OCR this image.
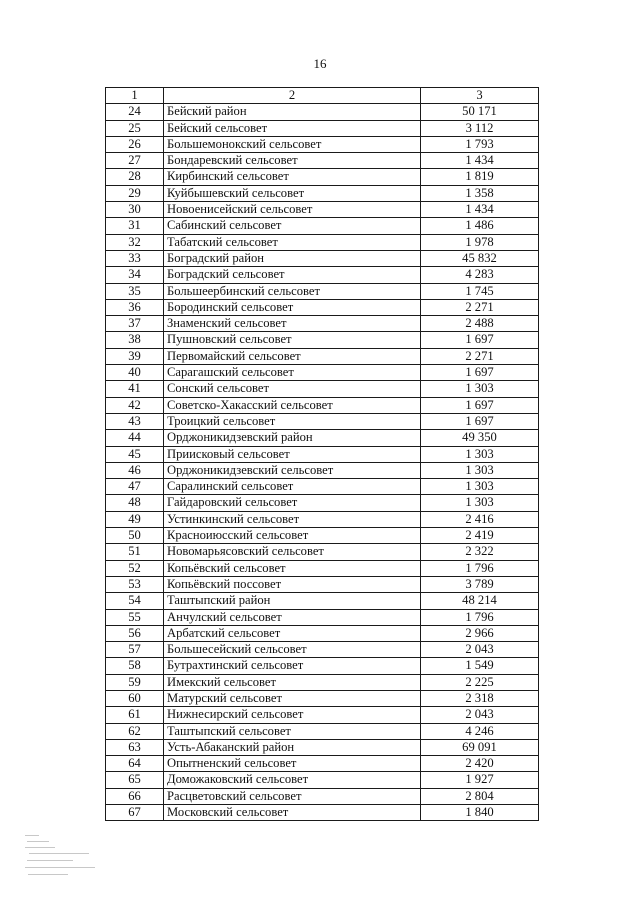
16
1	2	3
24	Бейский район	50 171
25	Бейский сельсовет	3 112
26	Большемонокский сельсовет	1 793
27	Бондаревский сельсовет	1 434
28	Кирбинский сельсовет	1 819
29	Куйбышевский сельсовет	1 358
30	Новоенисейский сельсовет	1 434
31	Сабинский сельсовет	1 486
32	Табатский сельсовет	1 978
33	Боградский район	45 832
34	Боградский сельсовет	4 283
35	Большеербинский сельсовет	1 745
36	Бородинский сельсовет	2 271
37	Знаменский сельсовет	2 488
38	Пушновский сельсовет	1 697
39	Первомайский сельсовет	2 271
40	Сарагашский сельсовет	1 697
41	Сонский сельсовет	1 303
42	Советско-Хакасский сельсовет	1 697
43	Троицкий сельсовет	1 697
44	Орджоникидзевский район	49 350
45	Приисковый сельсовет	1 303
46	Орджоникидзевский сельсовет	1 303
47	Саралинский сельсовет	1 303
48	Гайдаровский сельсовет	1 303
49	Устинкинский сельсовет	2 416
50	Красноиюсский сельсовет	2 419
51	Новомарьясовский сельсовет	2 322
52	Копьёвский сельсовет	1 796
53	Копьёвский поссовет	3 789
54	Таштыпский район	48 214
55	Анчулский сельсовет	1 796
56	Арбатский сельсовет	2 966
57	Большесейский сельсовет	2 043
58	Бутрахтинский сельсовет	1 549
59	Имекский сельсовет	2 225
60	Матурский сельсовет	2 318
61	Нижнесирский сельсовет	2 043
62	Таштыпский сельсовет	4 246
63	Усть-Абаканский район	69 091
64	Опытненский сельсовет	2 420
65	Доможаковский сельсовет	1 927
66	Расцветовский сельсовет	2 804
67	Московский сельсовет	1 840
